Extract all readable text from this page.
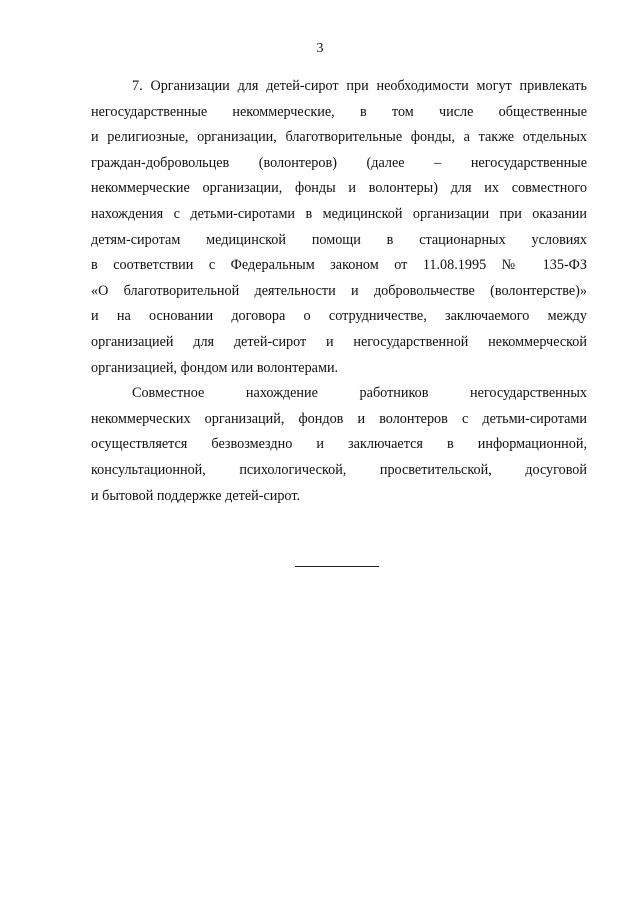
3

7. Организации для детей-сирот при необходимости могут привлекать
негосударственные некоммерческие, в том числе общественные
и религиозные, организации, благотворительные фонды, а также отдельных
граждан-добровольцев (волонтеров) (далее – негосударственные
некоммерческие организации, фонды и волонтеры) для их совместного
нахождения с детьми-сиротами в медицинской организации при оказании
детям-сиротам медицинской помощи в стационарных условиях
в соответствии с Федеральным законом от 11.08.1995 № 135-ФЗ
«О благотворительной деятельности и добровольчестве (волонтерстве)»
и на основании договора о сотрудничестве, заключаемого между
организацией для детей-сирот и негосударственной некоммерческой
организацией, фондом или волонтерами.

Совместное нахождение работников негосударственных
некоммерческих организаций, фондов и волонтеров с детьми-сиротами
осуществляется безвозмездно и заключается в информационной,
консультационной, психологической, просветительской, досуговой
и бытовой поддержке детей-сирот.
